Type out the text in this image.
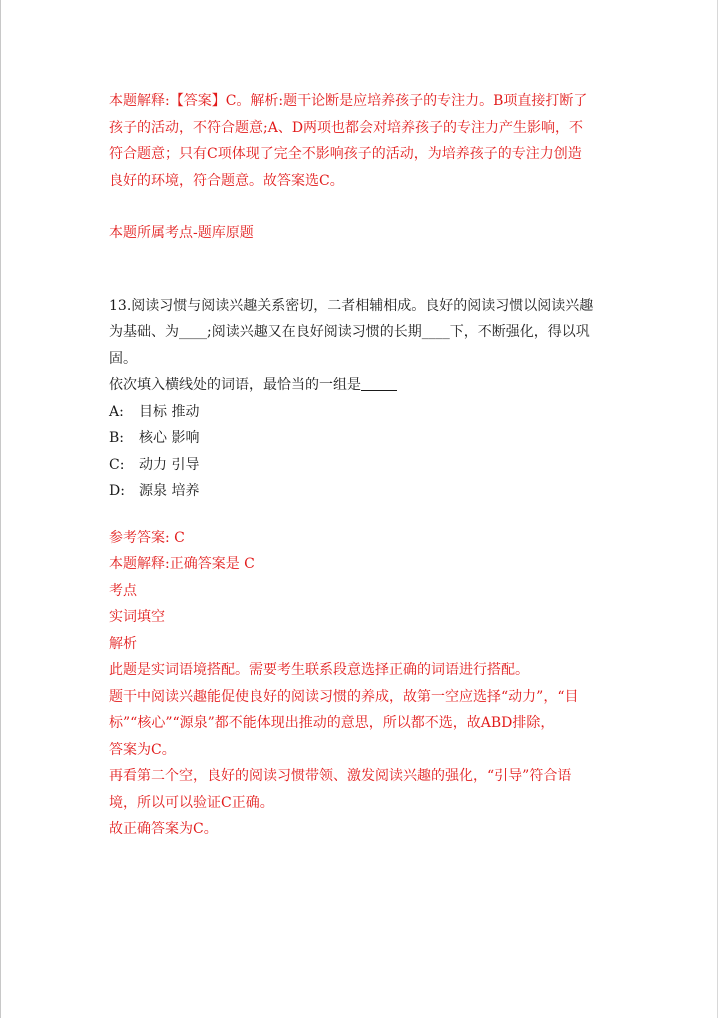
本题解释:【答案】C。解析:题干论断是应培养孩子的专注力。B项直接打断了

孩子的活动，不符合题意;A、D两项也都会对培养孩子的专注力产生影响，不

符合题意；只有C项体现了完全不影响孩子的活动，为培养孩子的专注力创造

良好的环境，符合题意。故答案选C。

本题所属考点-题库原题

13.阅读习惯与阅读兴趣关系密切，二者相辅相成。良好的阅读习惯以阅读兴趣

为基础、为____;阅读兴趣又在良好阅读习惯的长期____下，不断强化，得以巩

固。

依次填入横线处的词语，最恰当的一组是

A:	目标 推动
B:	核心 影响
C:	动力 引导
D:	源泉 培养

参考答案: C

本题解释:正确答案是 C

考点

实词填空

解析

此题是实词语境搭配。需要考生联系段意选择正确的词语进行搭配。

题干中阅读兴趣能促使良好的阅读习惯的养成，故第一空应选择“动力”，“目

标”“核心”“源泉”都不能体现出推动的意思，所以都不选，故ABD排除，

答案为C。

再看第二个空，良好的阅读习惯带领、激发阅读兴趣的强化，“引导”符合语

境，所以可以验证C正确。

故正确答案为C。
